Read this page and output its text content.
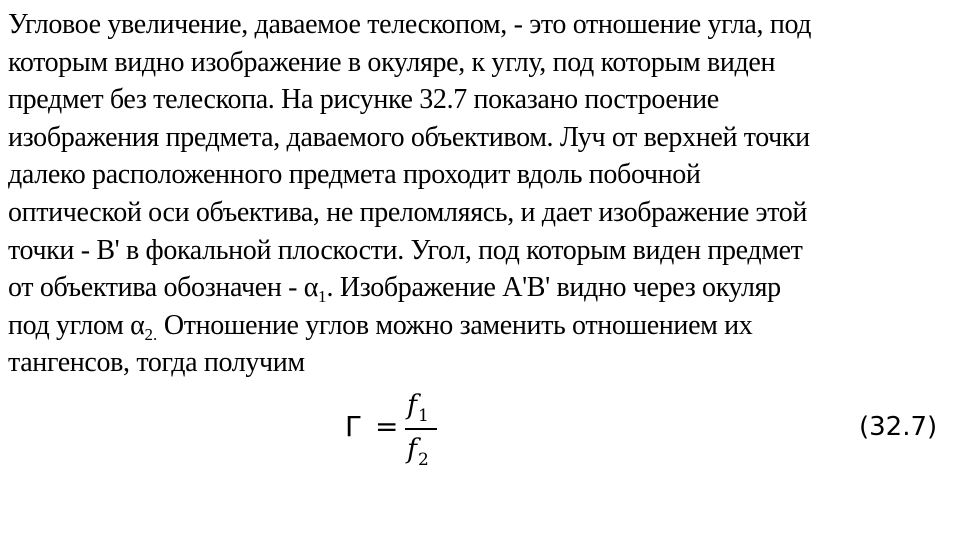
Угловое увеличение, даваемое телескопом, - это отношение угла, под
которым видно изображение в окуляре, к углу, под которым виден
предмет без телескопа. На рисунке 32.7 показано построение
изображения предмета, даваемого объективом. Луч от верхней точки
далеко расположенного предмета проходит вдоль побочной
оптической оси объектива, не преломляясь, и дает изображение этой
точки - B' в фокальной плоскости. Угол, под которым виден предмет
от объектива обозначен - $\alpha_1$. Изображение A'B' видно через окуляр
под углом $\alpha_{2.}$ Отношение углов можно заменить отношением их
тангенсов, тогда получим
Γ =
$f_1$
$f_2$
(32.7)
